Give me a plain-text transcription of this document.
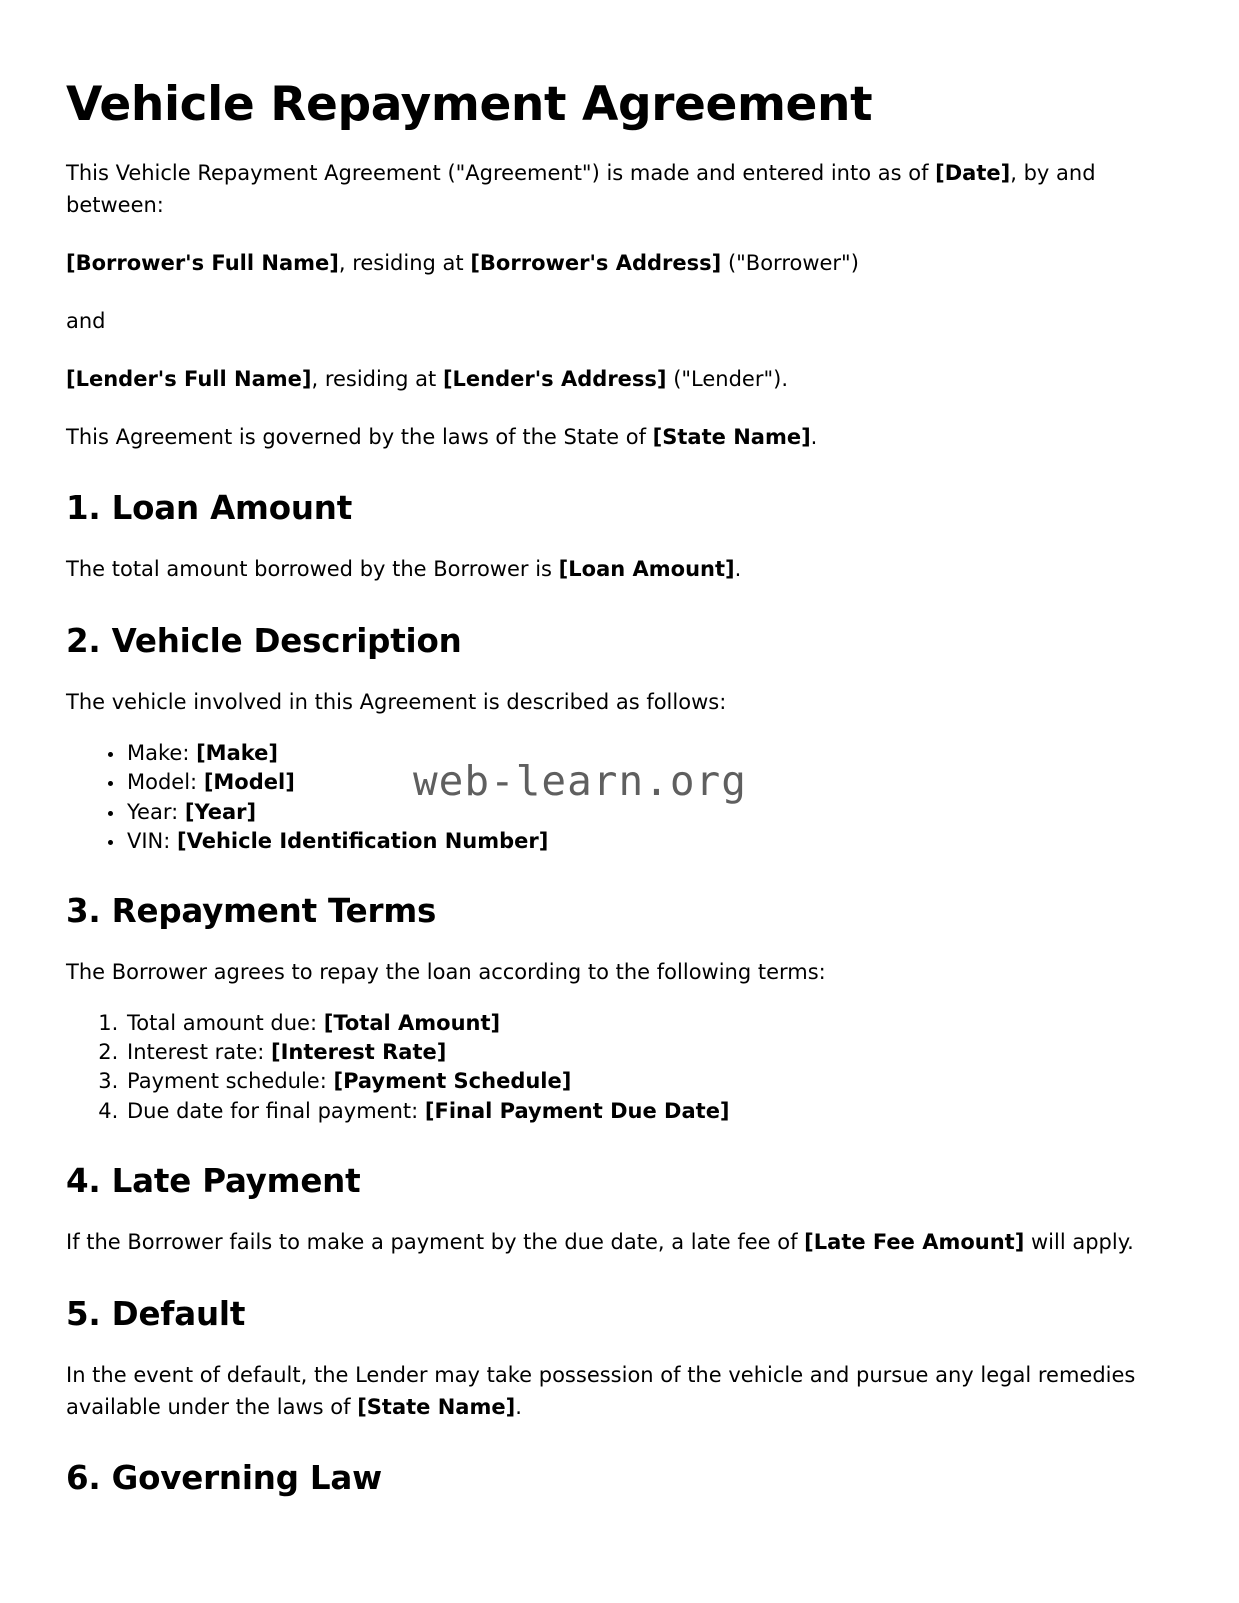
Vehicle Repayment Agreement

This Vehicle Repayment Agreement ("Agreement") is made and entered into as of [Date], by and between:

[Borrower's Full Name], residing at [Borrower's Address] ("Borrower")

and

[Lender's Full Name], residing at [Lender's Address] ("Lender").

This Agreement is governed by the laws of the State of [State Name].

1. Loan Amount

The total amount borrowed by the Borrower is [Loan Amount].

2. Vehicle Description

The vehicle involved in this Agreement is described as follows:

• Make: [Make]
• Model: [Model]
• Year: [Year]
• VIN: [Vehicle Identification Number]
3. Repayment Terms

The Borrower agrees to repay the loan according to the following terms:

1. Total amount due: [Total Amount]
2. Interest rate: [Interest Rate]
3. Payment schedule: [Payment Schedule]
4. Due date for final payment: [Final Payment Due Date]
4. Late Payment

If the Borrower fails to make a payment by the due date, a late fee of [Late Fee Amount] will apply.

5. Default

In the event of default, the Lender may take possession of the vehicle and pursue any legal remedies available under the laws of [State Name].

6. Governing Law
web-learn.org
